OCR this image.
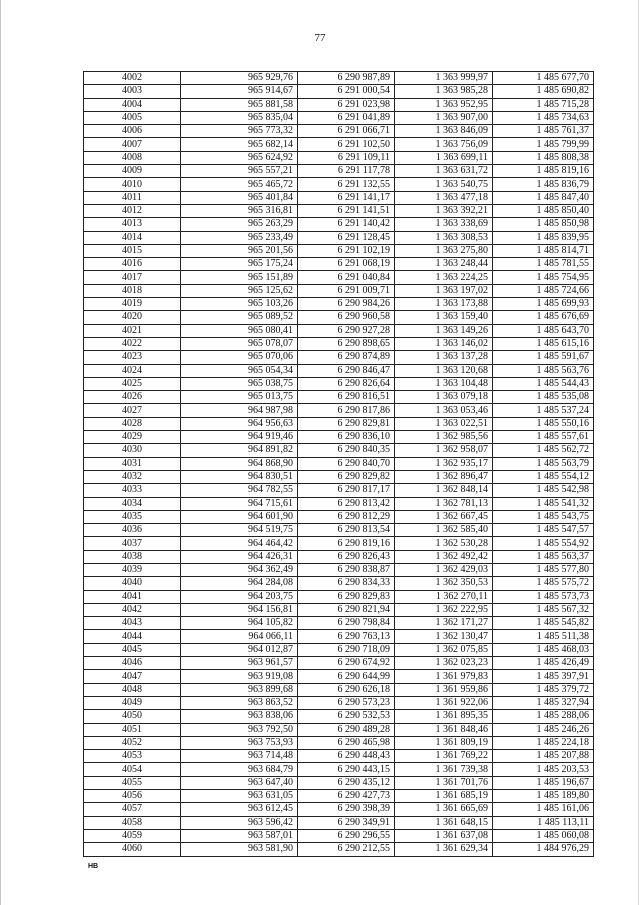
77
4002	965 929,76	6 290 987,89	1 363 999,97	1 485 677,70
4003	965 914,67	6 291 000,54	1 363 985,28	1 485 690,82
4004	965 881,58	6 291 023,98	1 363 952,95	1 485 715,28
4005	965 835,04	6 291 041,89	1 363 907,00	1 485 734,63
4006	965 773,32	6 291 066,71	1 363 846,09	1 485 761,37
4007	965 682,14	6 291 102,50	1 363 756,09	1 485 799,99
4008	965 624,92	6 291 109,11	1 363 699,11	1 485 808,38
4009	965 557,21	6 291 117,78	1 363 631,72	1 485 819,16
4010	965 465,72	6 291 132,55	1 363 540,75	1 485 836,79
4011	965 401,84	6 291 141,17	1 363 477,18	1 485 847,40
4012	965 316,81	6 291 141,51	1 363 392,21	1 485 850,40
4013	965 263,29	6 291 140,42	1 363 338,69	1 485 850,98
4014	965 233,49	6 291 128,45	1 363 308,53	1 485 839,95
4015	965 201,56	6 291 102,19	1 363 275,80	1 485 814,71
4016	965 175,24	6 291 068,19	1 363 248,44	1 485 781,55
4017	965 151,89	6 291 040,84	1 363 224,25	1 485 754,95
4018	965 125,62	6 291 009,71	1 363 197,02	1 485 724,66
4019	965 103,26	6 290 984,26	1 363 173,88	1 485 699,93
4020	965 089,52	6 290 960,58	1 363 159,40	1 485 676,69
4021	965 080,41	6 290 927,28	1 363 149,26	1 485 643,70
4022	965 078,07	6 290 898,65	1 363 146,02	1 485 615,16
4023	965 070,06	6 290 874,89	1 363 137,28	1 485 591,67
4024	965 054,34	6 290 846,47	1 363 120,68	1 485 563,76
4025	965 038,75	6 290 826,64	1 363 104,48	1 485 544,43
4026	965 013,75	6 290 816,51	1 363 079,18	1 485 535,08
4027	964 987,98	6 290 817,86	1 363 053,46	1 485 537,24
4028	964 956,63	6 290 829,81	1 363 022,51	1 485 550,16
4029	964 919,46	6 290 836,10	1 362 985,56	1 485 557,61
4030	964 891,82	6 290 840,35	1 362 958,07	1 485 562,72
4031	964 868,90	6 290 840,70	1 362 935,17	1 485 563,79
4032	964 830,51	6 290 829,82	1 362 896,47	1 485 554,12
4033	964 782,55	6 290 817,17	1 362 848,14	1 485 542,98
4034	964 715,61	6 290 813,42	1 362 781,13	1 485 541,32
4035	964 601,90	6 290 812,29	1 362 667,45	1 485 543,75
4036	964 519,75	6 290 813,54	1 362 585,40	1 485 547,57
4037	964 464,42	6 290 819,16	1 362 530,28	1 485 554,92
4038	964 426,31	6 290 826,43	1 362 492,42	1 485 563,37
4039	964 362,49	6 290 838,87	1 362 429,03	1 485 577,80
4040	964 284,08	6 290 834,33	1 362 350,53	1 485 575,72
4041	964 203,75	6 290 829,83	1 362 270,11	1 485 573,73
4042	964 156,81	6 290 821,94	1 362 222,95	1 485 567,32
4043	964 105,82	6 290 798,84	1 362 171,27	1 485 545,82
4044	964 066,11	6 290 763,13	1 362 130,47	1 485 511,38
4045	964 012,87	6 290 718,09	1 362 075,85	1 485 468,03
4046	963 961,57	6 290 674,92	1 362 023,23	1 485 426,49
4047	963 919,08	6 290 644,99	1 361 979,83	1 485 397,91
4048	963 899,68	6 290 626,18	1 361 959,86	1 485 379,72
4049	963 863,52	6 290 573,23	1 361 922,06	1 485 327,94
4050	963 838,06	6 290 532,53	1 361 895,35	1 485 288,06
4051	963 792,50	6 290 489,28	1 361 848,46	1 485 246,26
4052	963 753,93	6 290 465,98	1 361 809,19	1 485 224,18
4053	963 714,48	6 290 448,43	1 361 769,22	1 485 207,88
4054	963 684,79	6 290 443,15	1 361 739,38	1 485 203,53
4055	963 647,40	6 290 435,12	1 361 701,76	1 485 196,67
4056	963 631,05	6 290 427,73	1 361 685,19	1 485 189,80
4057	963 612,45	6 290 398,39	1 361 665,69	1 485 161,06
4058	963 596,42	6 290 349,91	1 361 648,15	1 485 113,11
4059	963 587,01	6 290 296,55	1 361 637,08	1 485 060,08
4060	963 581,90	6 290 212,55	1 361 629,34	1 484 976,29
НВ
